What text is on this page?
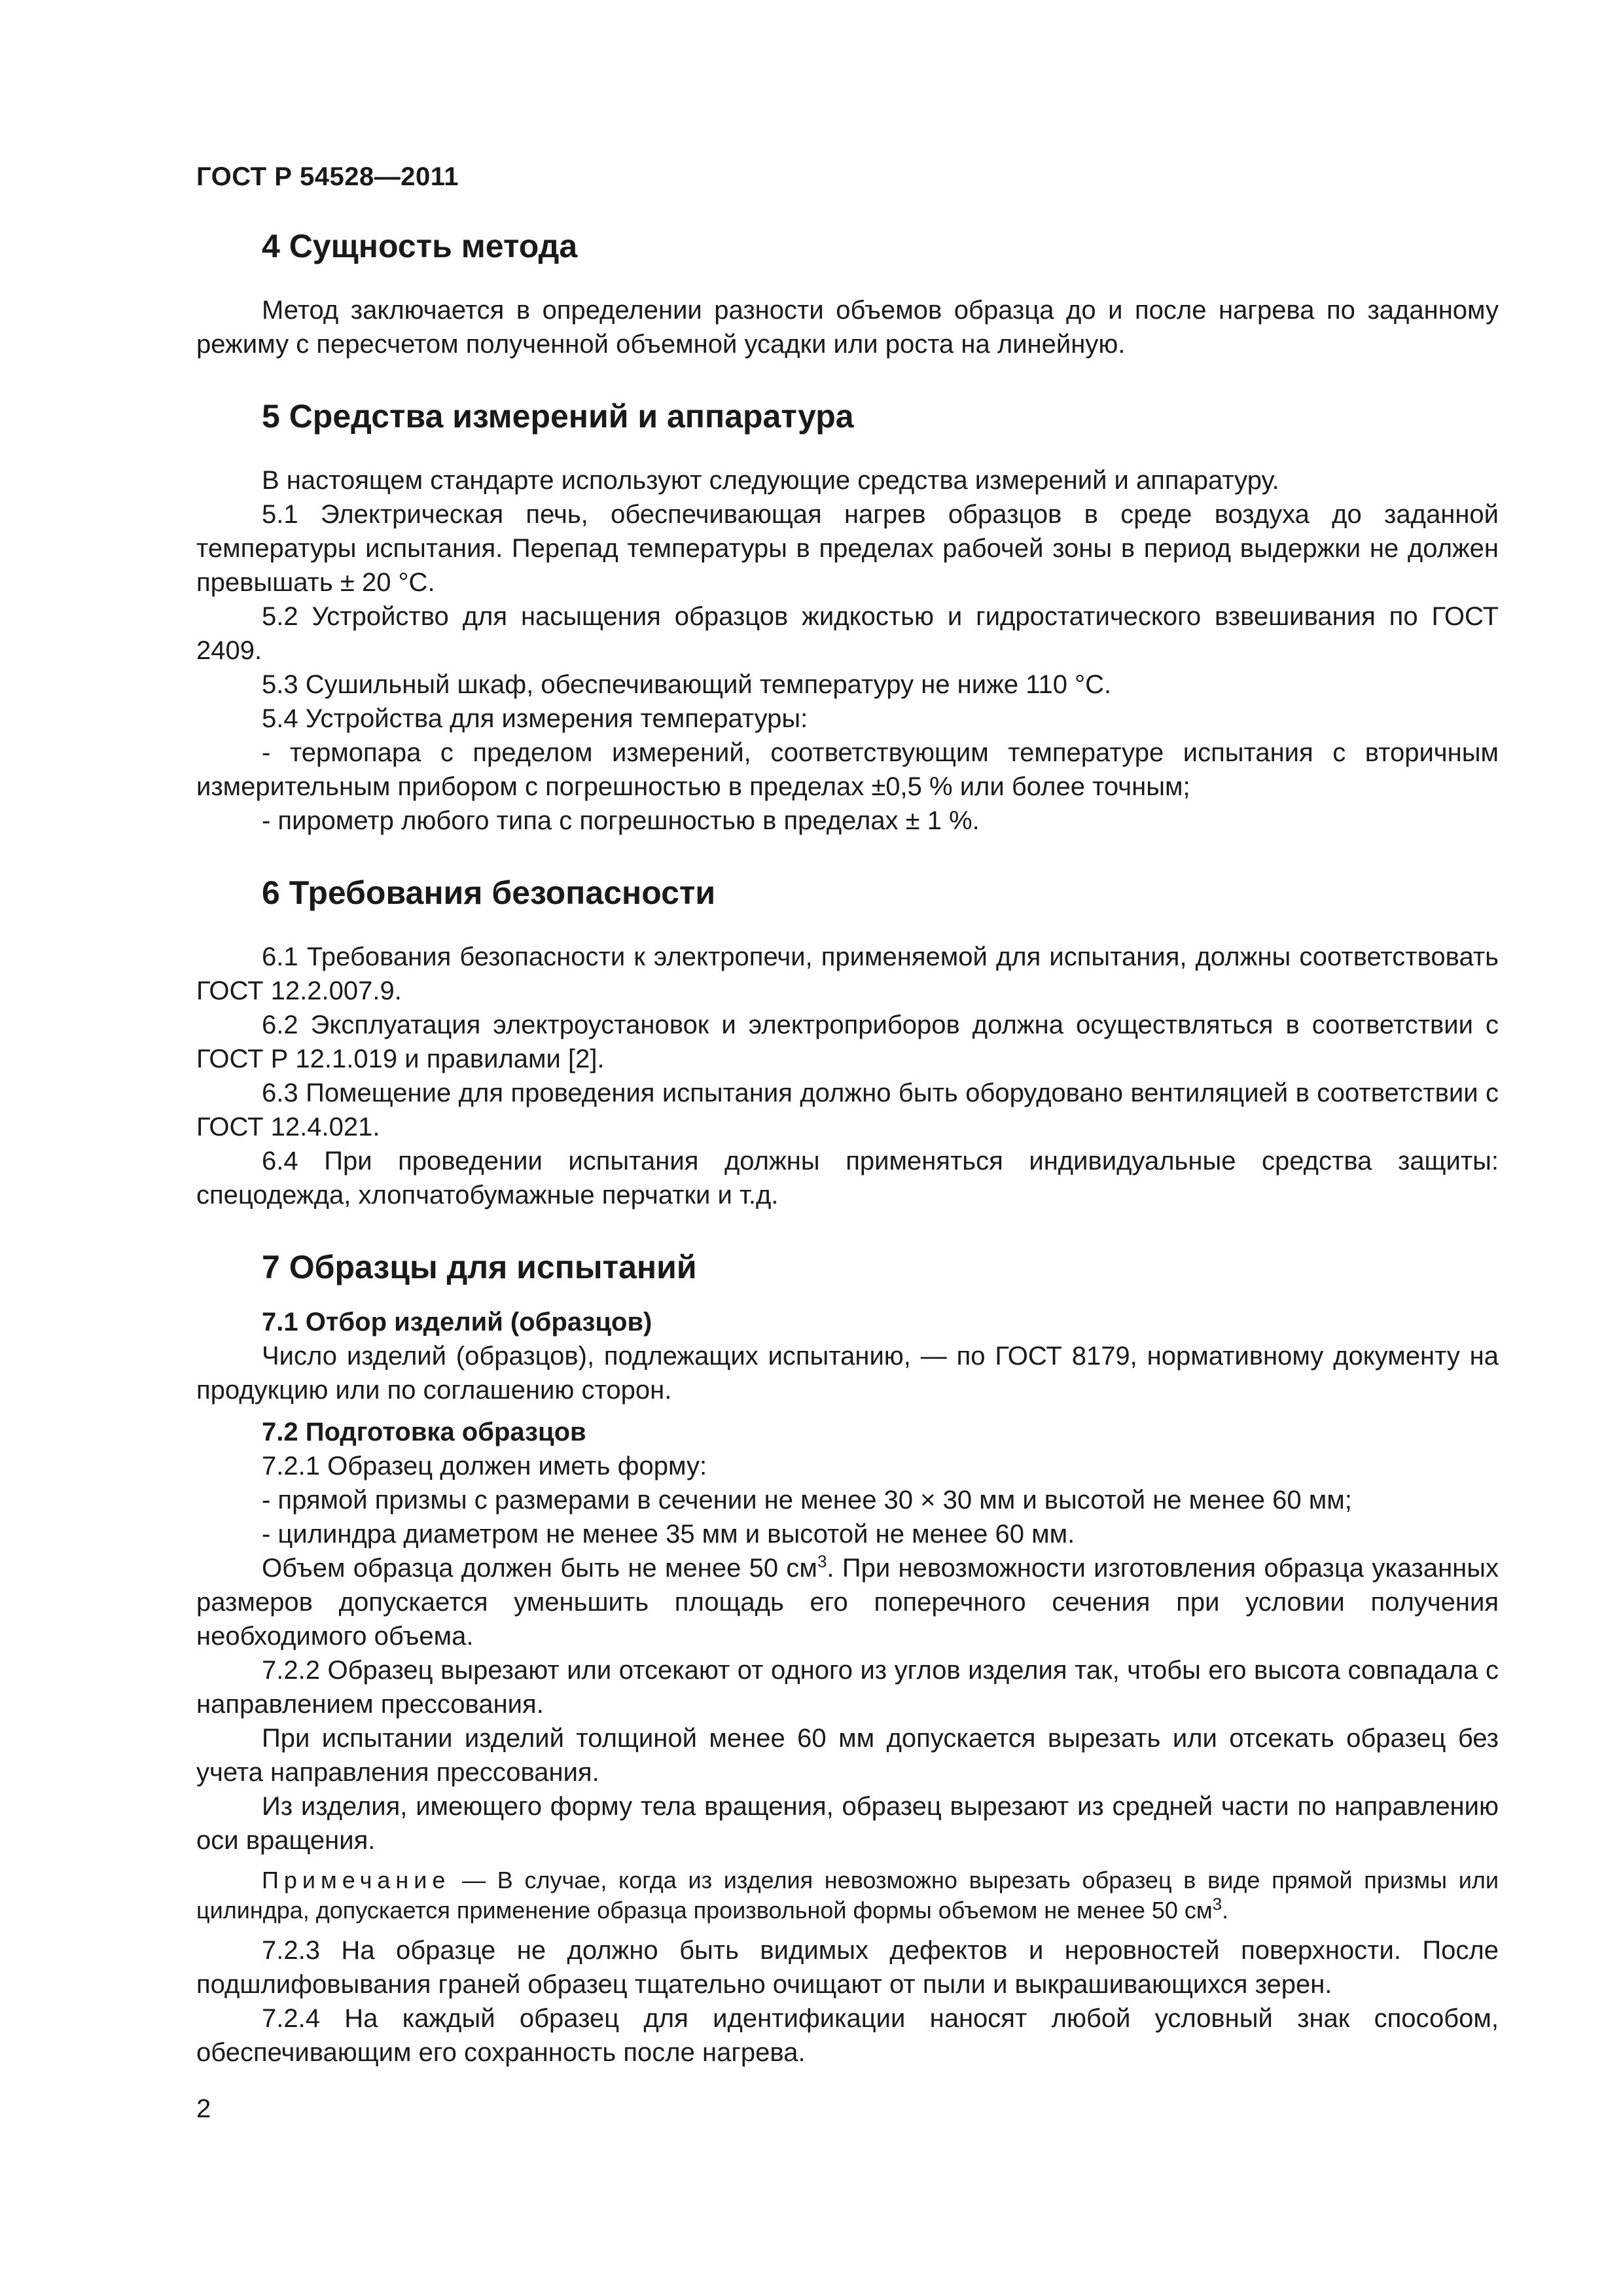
ГОСТ Р 54528—2011
4 Сущность метода

Метод заключается в определении разности объемов образца до и после нагрева по заданному режиму с пересчетом полученной объемной усадки или роста на линейную.

5 Средства измерений и аппаратура

В настоящем стандарте используют следующие средства измерений и аппаратуру.

5.1 Электрическая печь, обеспечивающая нагрев образцов в среде воздуха до заданной температуры испытания. Перепад температуры в пределах рабочей зоны в период выдержки не должен превышать ± 20 °С.

5.2 Устройство для насыщения образцов жидкостью и гидростатического взвешивания по ГОСТ 2409.

5.3 Сушильный шкаф, обеспечивающий температуру не ниже 110 °С.

5.4 Устройства для измерения температуры:

- термопара с пределом измерений, соответствующим температуре испытания с вторичным измерительным прибором с погрешностью в пределах ±0,5 % или более точным;

- пирометр любого типа с погрешностью в пределах ± 1 %.

6 Требования безопасности

6.1 Требования безопасности к электропечи, применяемой для испытания, должны соответствовать ГОСТ 12.2.007.9.

6.2 Эксплуатация электроустановок и электроприборов должна осуществляться в соответствии с ГОСТ Р 12.1.019 и правилами [2].

6.3 Помещение для проведения испытания должно быть оборудовано вентиляцией в соответствии с ГОСТ 12.4.021.

6.4 При проведении испытания должны применяться индивидуальные средства защиты: спецодежда, хлопчатобумажные перчатки и т.д.

7 Образцы для испытаний
7.1 Отбор изделий (образцов)

Число изделий (образцов), подлежащих испытанию, — по ГОСТ 8179, нормативному документу на продукцию или по соглашению сторон.

7.2 Подготовка образцов

7.2.1 Образец должен иметь форму:

- прямой призмы с размерами в сечении не менее 30 × 30 мм и высотой не менее 60 мм;

- цилиндра диаметром не менее 35 мм и высотой не менее 60 мм.

Объем образца должен быть не менее 50 $см^3$. При невозможности изготовления образца указанных размеров допускается уменьшить площадь его поперечного сечения при условии получения необходимого объема.

7.2.2 Образец вырезают или отсекают от одного из углов изделия так, чтобы его высота совпадала с направлением прессования.

При испытании изделий толщиной менее 60 мм допускается вырезать или отсекать образец без учета направления прессования.

Из изделия, имеющего форму тела вращения, образец вырезают из средней части по направлению оси вращения.

Примечание — В случае, когда из изделия невозможно вырезать образец в виде прямой призмы или цилиндра, допускается применение образца произвольной формы объемом не менее 50 $см^3$.

7.2.3 На образце не должно быть видимых дефектов и неровностей поверхности. После подшлифовывания граней образец тщательно очищают от пыли и выкрашивающихся зерен.

7.2.4 На каждый образец для идентификации наносят любой условный знак способом, обеспечивающим его сохранность после нагрева.

2
